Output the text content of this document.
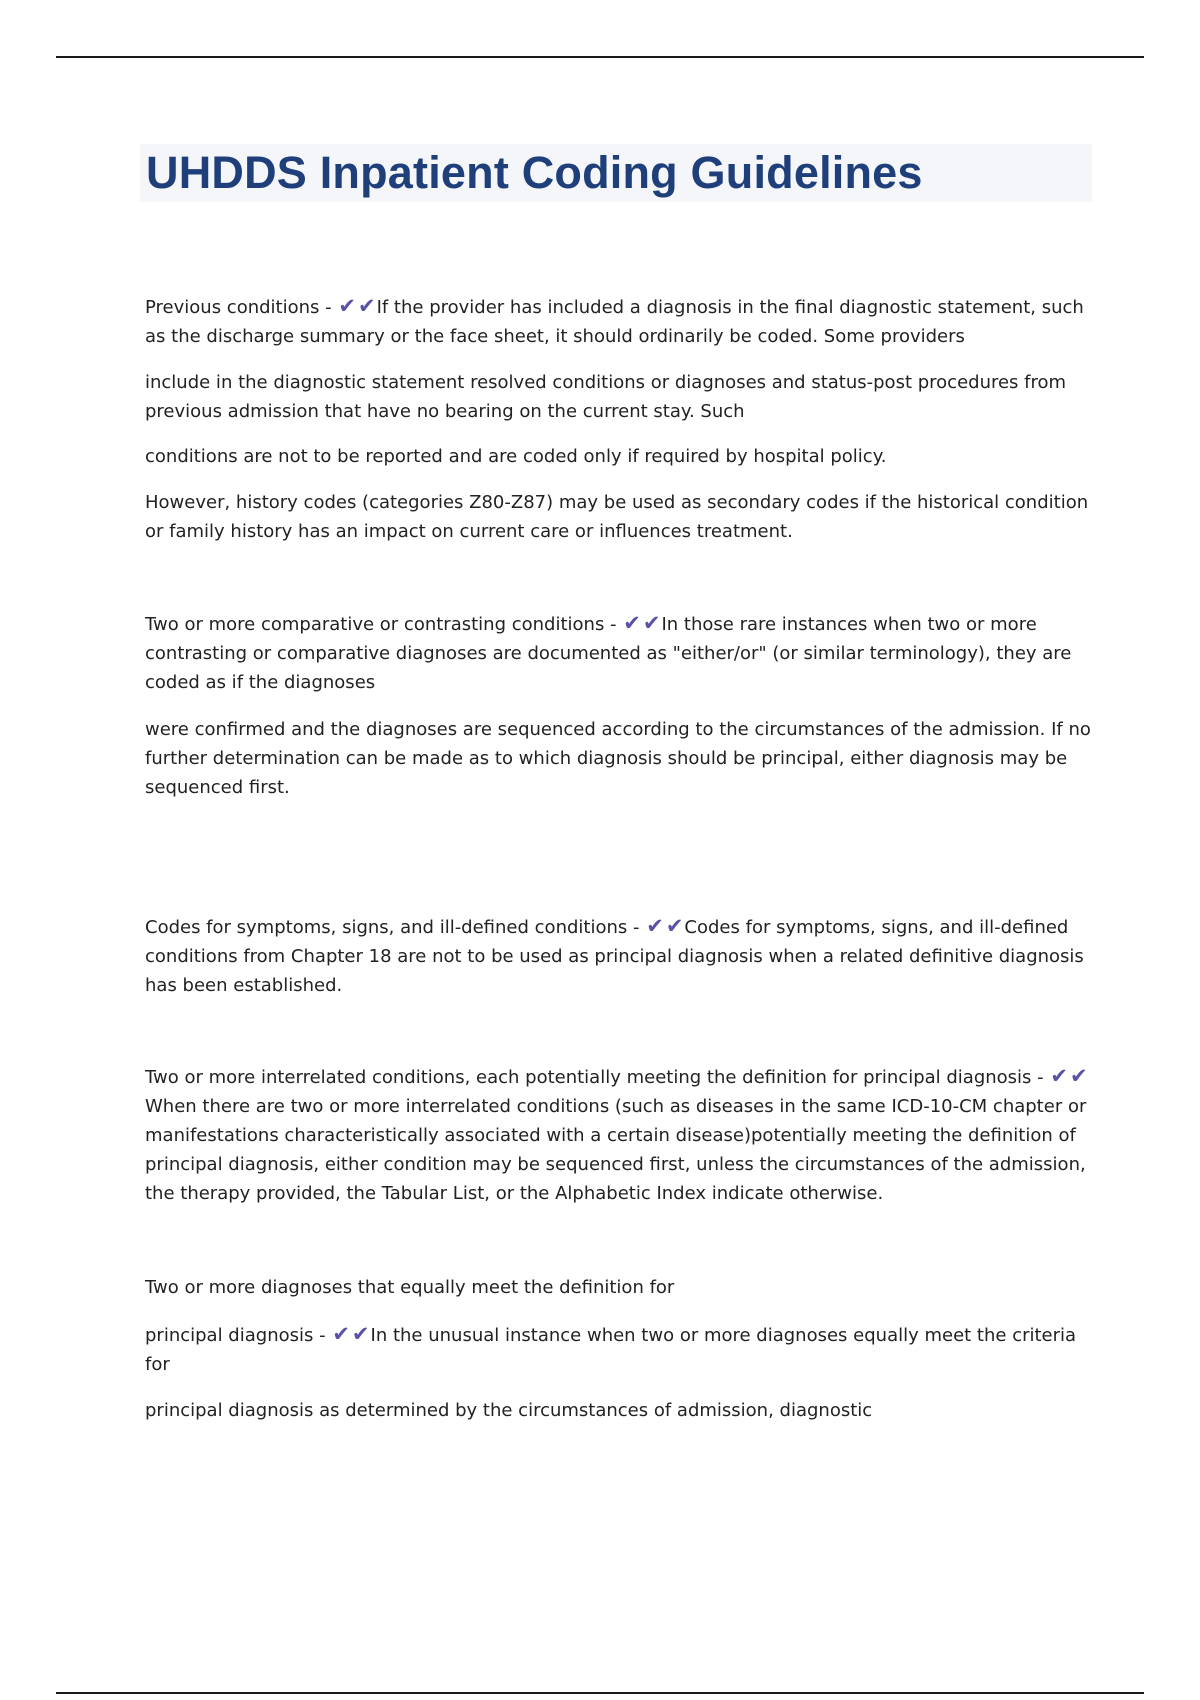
UHDDS Inpatient Coding Guidelines

Previous conditions - ✔✔If the provider has included a diagnosis in the final diagnostic statement, such as the discharge summary or the face sheet, it should ordinarily be coded. Some providers

include in the diagnostic statement resolved conditions or diagnoses and status-post procedures from previous admission that have no bearing on the current stay. Such

conditions are not to be reported and are coded only if required by hospital policy.

However, history codes (categories Z80-Z87) may be used as secondary codes if the historical condition or family history has an impact on current care or influences treatment.

Two or more comparative or contrasting conditions - ✔✔In those rare instances when two or more contrasting or comparative diagnoses are documented as "either/or" (or similar terminology), they are coded as if the diagnoses

were confirmed and the diagnoses are sequenced according to the circumstances of the admission. If no further determination can be made as to which diagnosis should be principal, either diagnosis may be sequenced first.

Codes for symptoms, signs, and ill-defined conditions - ✔✔Codes for symptoms, signs, and ill-defined conditions from Chapter 18 are not to be used as principal diagnosis when a related definitive diagnosis has been established.

Two or more interrelated conditions, each potentially meeting the definition for principal diagnosis - ✔✔When there are two or more interrelated conditions (such as diseases in the same ICD-10-CM chapter or manifestations characteristically associated with a certain disease)potentially meeting the definition of principal diagnosis, either condition may be sequenced first, unless the circumstances of the admission, the therapy provided, the Tabular List, or the Alphabetic Index indicate otherwise.

Two or more diagnoses that equally meet the definition for

principal diagnosis - ✔✔In the unusual instance when two or more diagnoses equally meet the criteria for

principal diagnosis as determined by the circumstances of admission, diagnostic
